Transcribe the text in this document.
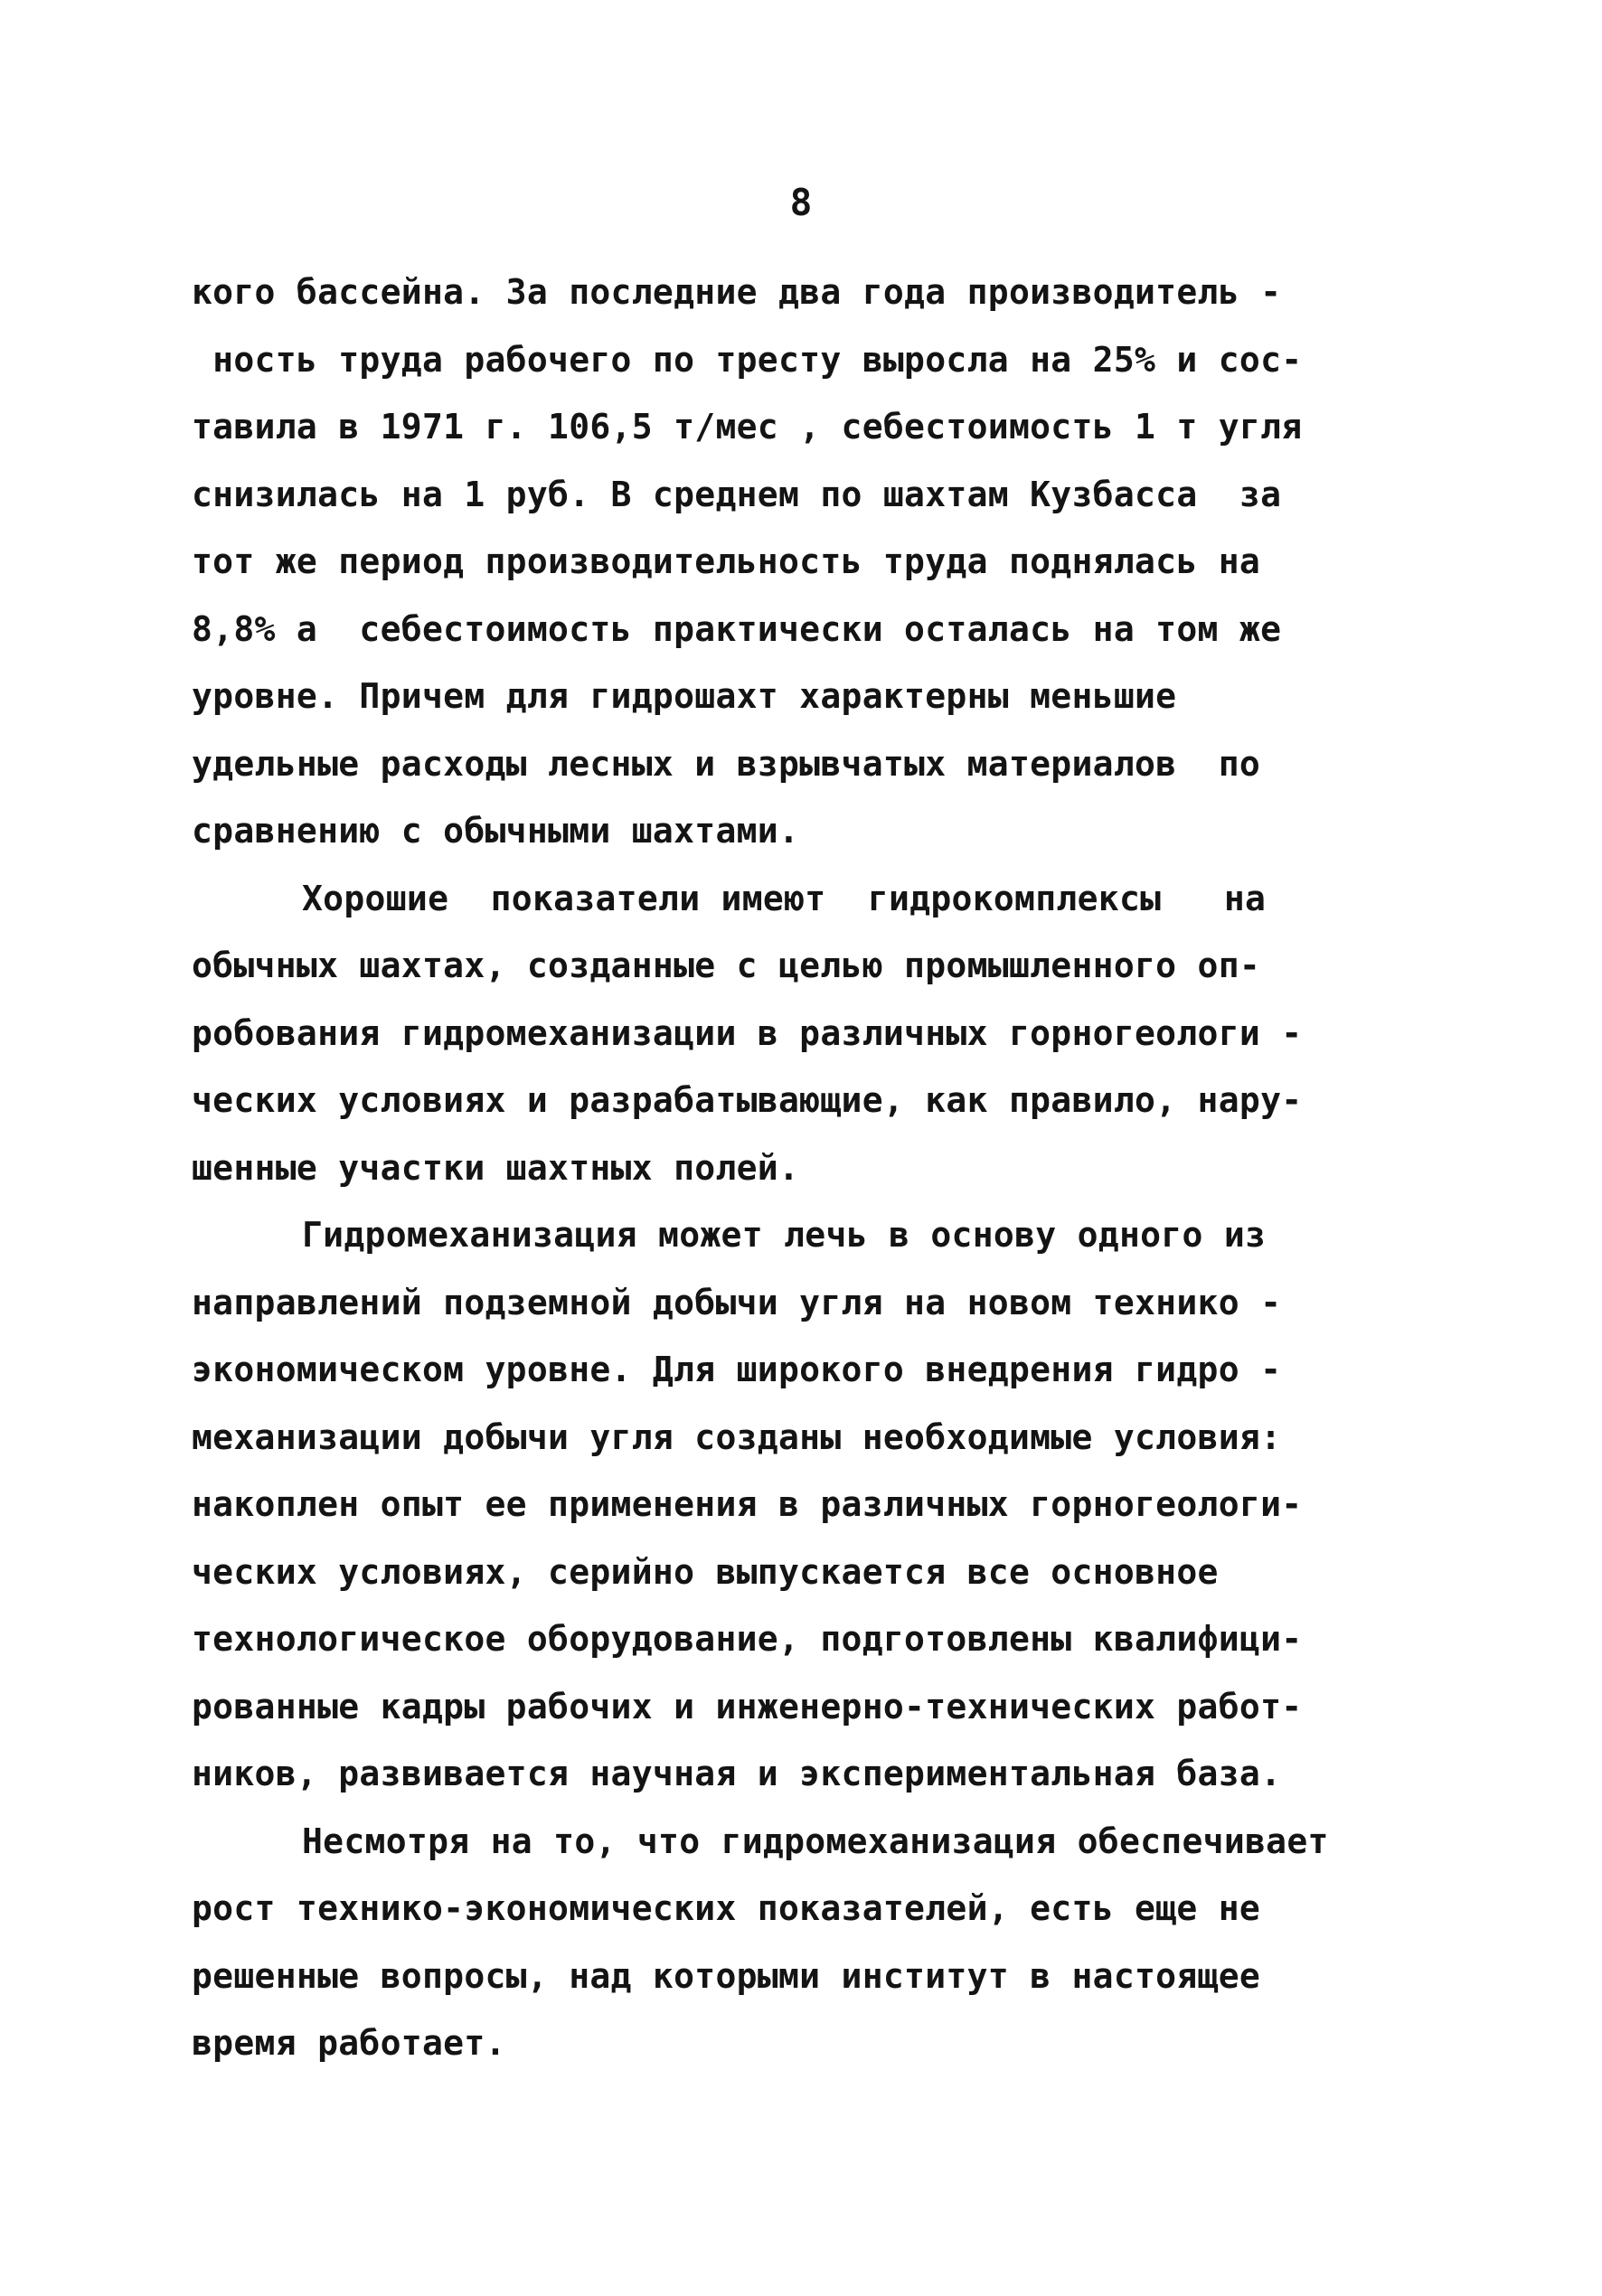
8
кого бассейна. За последние два года производитель -
ность труда рабочего по тресту выросла на 25% и сос-
тавила в 1971 г. 106,5 т/мес , себестоимость 1 т угля
снизилась на 1 руб. В среднем по шахтам Кузбасса  за
тот же период производительность труда поднялась на
8,8% а  себестоимость практически осталась на том же
уровне. Причем для гидрошахт характерны меньшие
удельные расходы лесных и взрывчатых материалов  по
сравнению с обычными шахтами.
Хорошие  показатели имеют  гидрокомплексы   на
обычных шахтах, созданные с целью промышленного оп-
робования гидромеханизации в различных горногеологи -
ческих условиях и разрабатывающие, как правило, нару-
шенные участки шахтных полей.
Гидромеханизация может лечь в основу одного из
направлений подземной добычи угля на новом технико -
экономическом уровне. Для широкого внедрения гидро -
механизации добычи угля созданы необходимые условия:
накоплен опыт ее применения в различных горногеологи-
ческих условиях, серийно выпускается все основное
технологическое оборудование, подготовлены квалифици-
рованные кадры рабочих и инженерно-технических работ-
ников, развивается научная и экспериментальная база.
Несмотря на то, что гидромеханизация обеспечивает
рост технико-экономических показателей, есть еще не
решенные вопросы, над которыми институт в настоящее
время работает.
